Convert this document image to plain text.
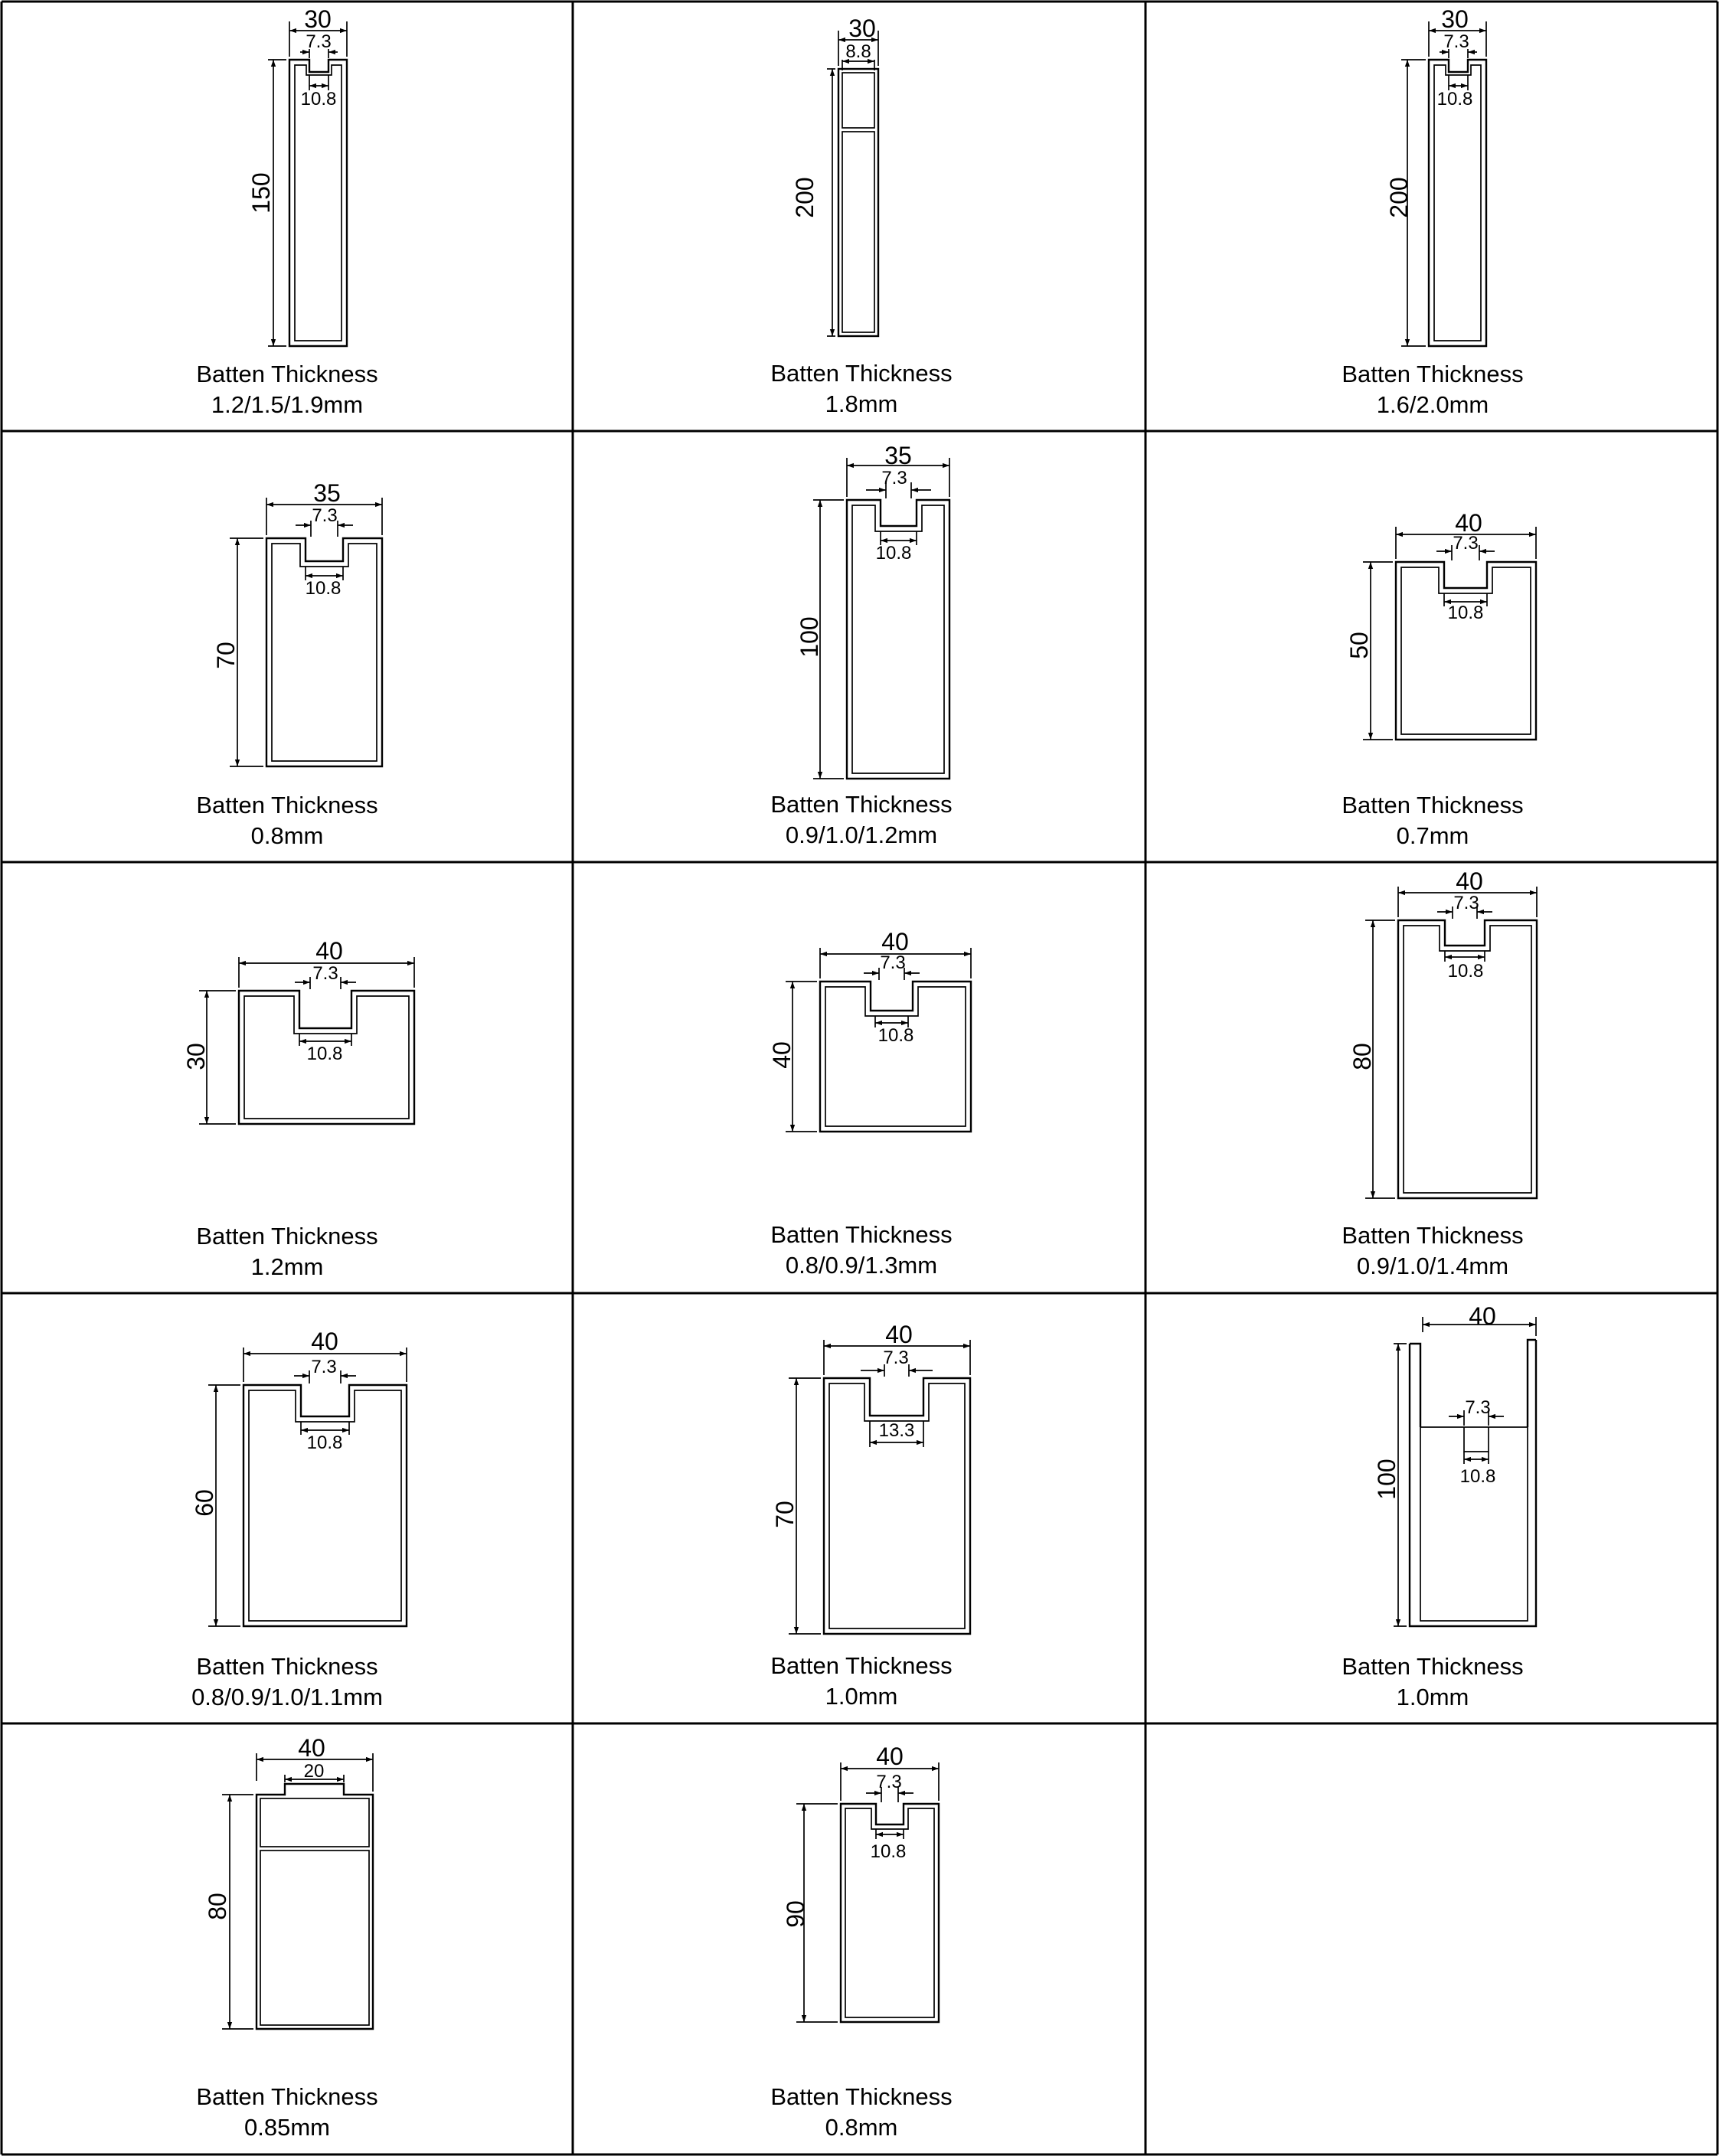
30
7.3
10.8
150
Batten Thickness
1.2/1.5/1.9mm
30
8.8
200
Batten Thickness
1.8mm
30
7.3
10.8
200
Batten Thickness
1.6/2.0mm
35
7.3
10.8
70
Batten Thickness
0.8mm
35
7.3
10.8
100
Batten Thickness
0.9/1.0/1.2mm
40
7.3
10.8
50
Batten Thickness
0.7mm
40
7.3
10.8
30
Batten Thickness
1.2mm
40
7.3
10.8
40
Batten Thickness
0.8/0.9/1.3mm
40
7.3
10.8
80
Batten Thickness
0.9/1.0/1.4mm
40
7.3
10.8
60
Batten Thickness
0.8/0.9/1.0/1.1mm
40
7.3
13.3
70
Batten Thickness
1.0mm
40
7.3
10.8
100
Batten Thickness
1.0mm
40
20
80
Batten Thickness
0.85mm
40
7.3
10.8
90
Batten Thickness
0.8mm
